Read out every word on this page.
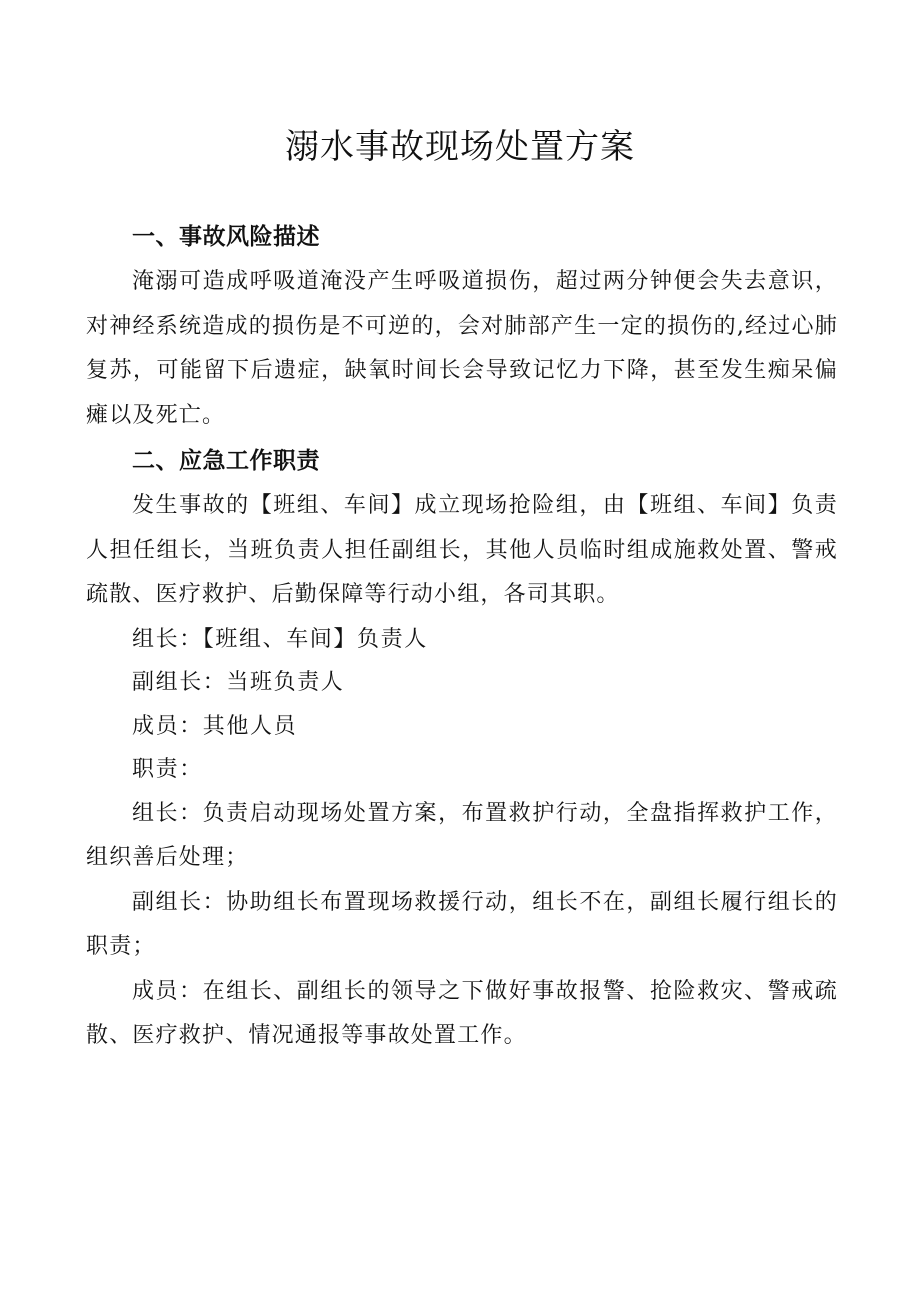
溺水事故现场处置方案
一、事故风险描述

淹溺可造成呼吸道淹没产生呼吸道损伤，超过两分钟便会失去意识，对神经系统造成的损伤是不可逆的，会对肺部产生一定的损伤的,经过心肺复苏，可能留下后遗症，缺氧时间长会导致记忆力下降，甚至发生痴呆偏瘫以及死亡。

二、应急工作职责

发生事故的【班组、车间】成立现场抢险组，由【班组、车间】负责人担任组长，当班负责人担任副组长，其他人员临时组成施救处置、警戒疏散、医疗救护、后勤保障等行动小组，各司其职。

组长：【班组、车间】负责人
副组长：当班负责人
成员：其他人员
职责：

组长：负责启动现场处置方案，布置救护行动，全盘指挥救护工作，组织善后处理；

副组长：协助组长布置现场救援行动，组长不在，副组长履行组长的职责；

成员：在组长、副组长的领导之下做好事故报警、抢险救灾、警戒疏散、医疗救护、情况通报等事故处置工作。
